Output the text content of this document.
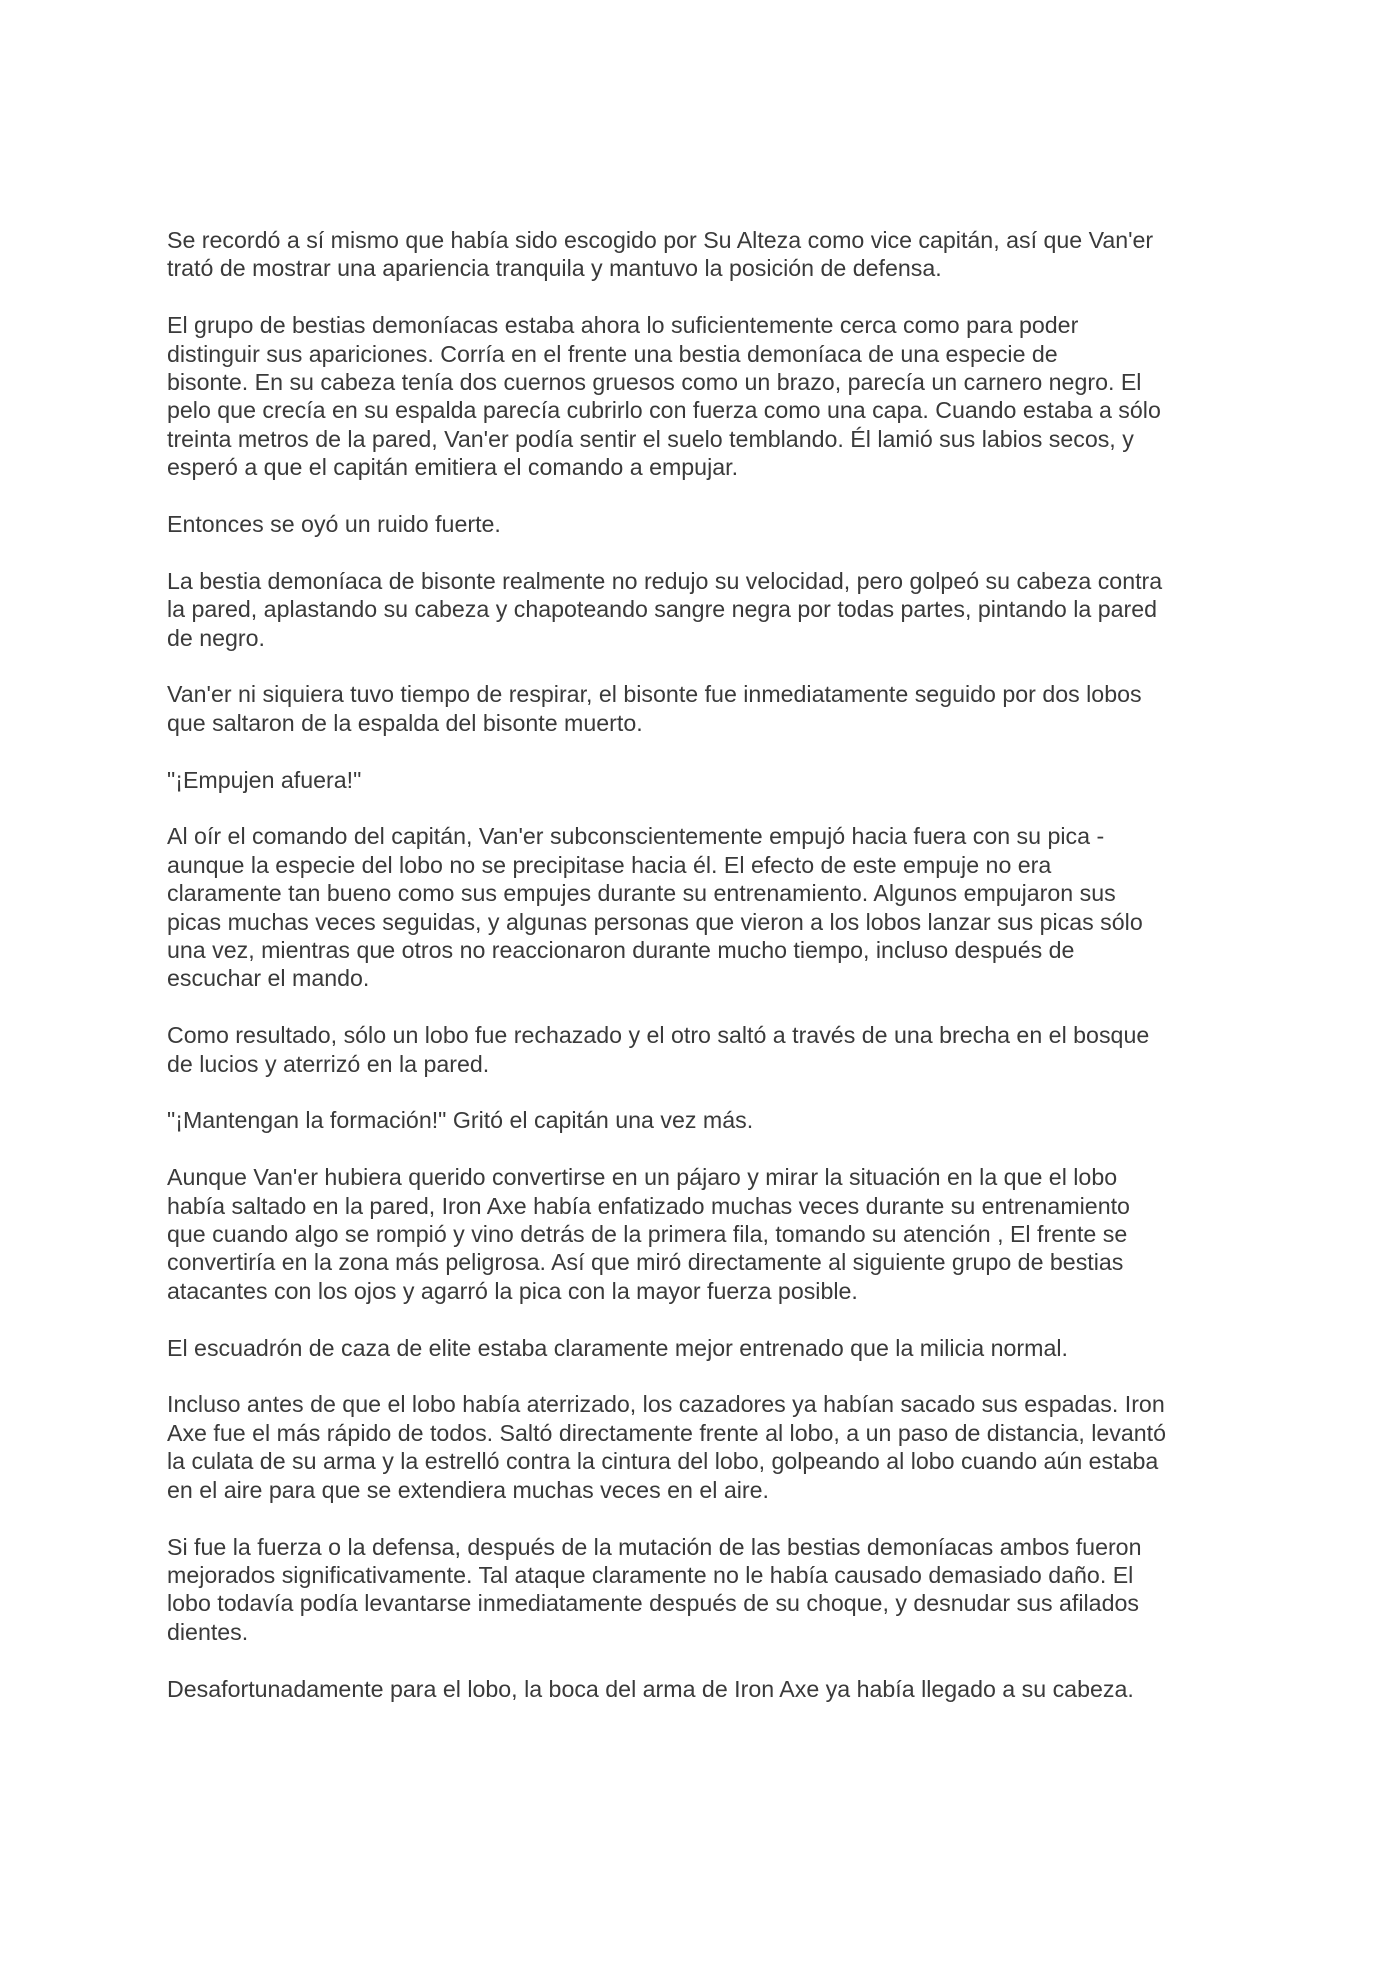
Se recordó a sí mismo que había sido escogido por Su Alteza como vice capitán, así que Van'er
trató de mostrar una apariencia tranquila y mantuvo la posición de defensa.

El grupo de bestias demoníacas estaba ahora lo suficientemente cerca como para poder
distinguir sus apariciones. Corría en el frente una bestia demoníaca de una especie de
bisonte. En su cabeza tenía dos cuernos gruesos como un brazo, parecía un carnero negro. El
pelo que crecía en su espalda parecía cubrirlo con fuerza como una capa. Cuando estaba a sólo
treinta metros de la pared, Van'er podía sentir el suelo temblando. Él lamió sus labios secos, y
esperó a que el capitán emitiera el comando a empujar.

Entonces se oyó un ruido fuerte.

La bestia demoníaca de bisonte realmente no redujo su velocidad, pero golpeó su cabeza contra
la pared, aplastando su cabeza y chapoteando sangre negra por todas partes, pintando la pared
de negro.

Van'er ni siquiera tuvo tiempo de respirar, el bisonte fue inmediatamente seguido por dos lobos
que saltaron de la espalda del bisonte muerto.

"¡Empujen afuera!"

Al oír el comando del capitán, Van'er subconscientemente empujó hacia fuera con su pica -
aunque la especie del lobo no se precipitase hacia él. El efecto de este empuje no era
claramente tan bueno como sus empujes durante su entrenamiento. Algunos empujaron sus
picas muchas veces seguidas, y algunas personas que vieron a los lobos lanzar sus picas sólo
una vez, mientras que otros no reaccionaron durante mucho tiempo, incluso después de
escuchar el mando.

Como resultado, sólo un lobo fue rechazado y el otro saltó a través de una brecha en el bosque
de lucios y aterrizó en la pared.

"¡Mantengan la formación!" Gritó el capitán una vez más.

Aunque Van'er hubiera querido convertirse en un pájaro y mirar la situación en la que el lobo
había saltado en la pared, Iron Axe había enfatizado muchas veces durante su entrenamiento
que cuando algo se rompió y vino detrás de la primera fila, tomando su atención , El frente se
convertiría en la zona más peligrosa. Así que miró directamente al siguiente grupo de bestias
atacantes con los ojos y agarró la pica con la mayor fuerza posible.

El escuadrón de caza de elite estaba claramente mejor entrenado que la milicia normal.

Incluso antes de que el lobo había aterrizado, los cazadores ya habían sacado sus espadas. Iron
Axe fue el más rápido de todos. Saltó directamente frente al lobo, a un paso de distancia, levantó
la culata de su arma y la estrelló contra la cintura del lobo, golpeando al lobo cuando aún estaba
en el aire para que se extendiera muchas veces en el aire.

Si fue la fuerza o la defensa, después de la mutación de las bestias demoníacas ambos fueron
mejorados significativamente. Tal ataque claramente no le había causado demasiado daño. El
lobo todavía podía levantarse inmediatamente después de su choque, y desnudar sus afilados
dientes.

Desafortunadamente para el lobo, la boca del arma de Iron Axe ya había llegado a su cabeza.
